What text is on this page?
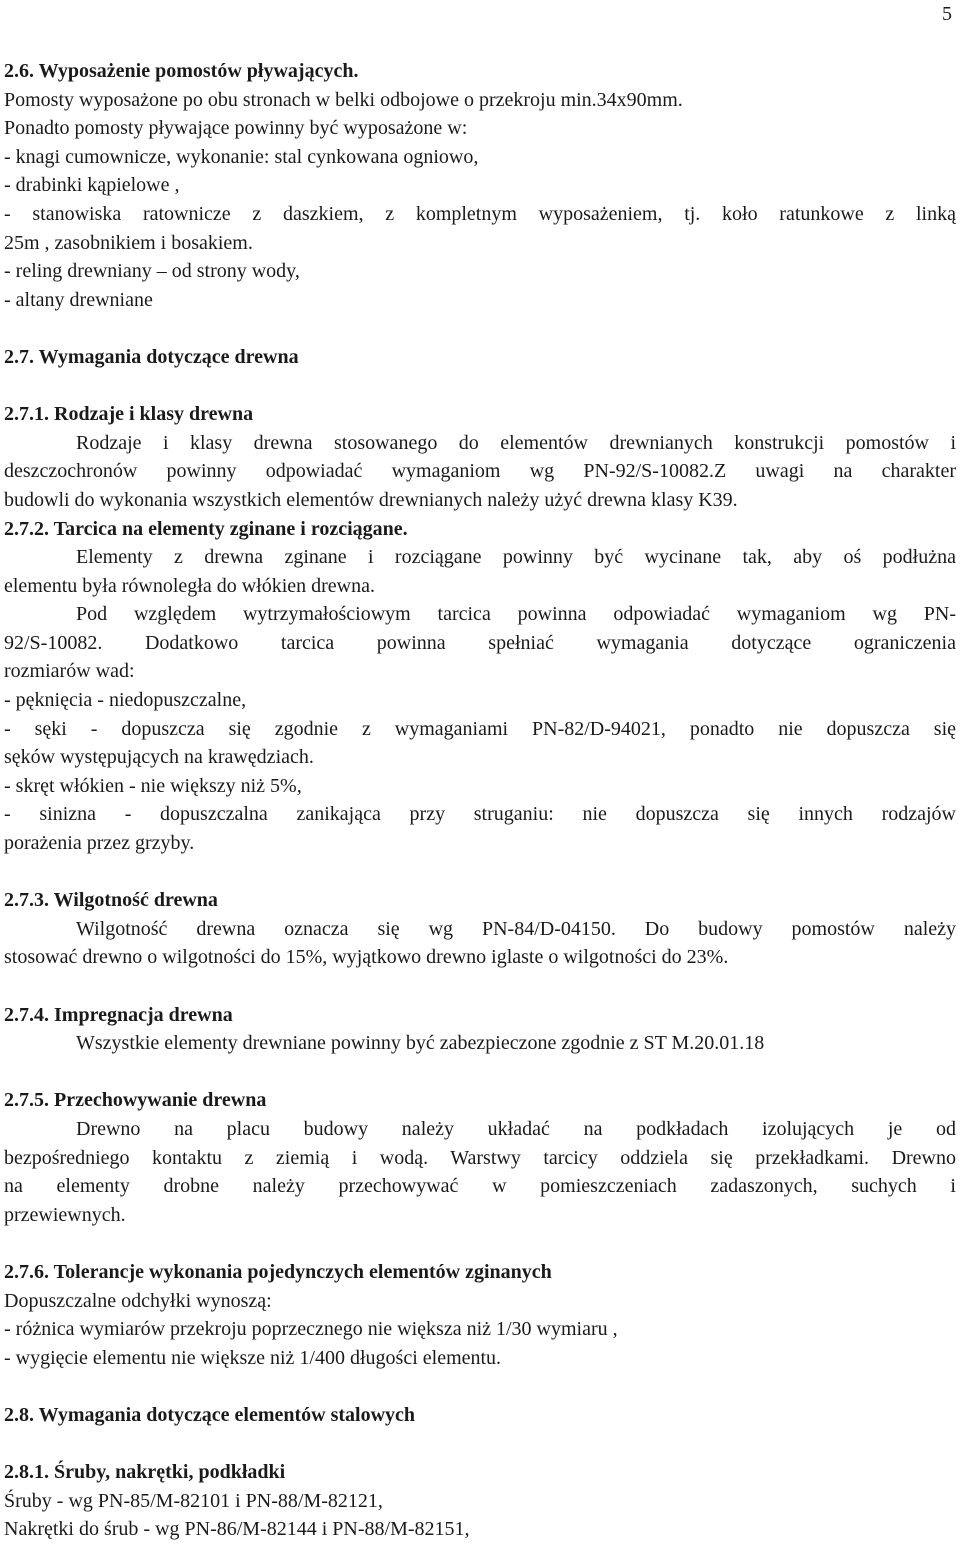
5
2.6. Wyposażenie pomostów pływających.
Pomosty wyposażone po obu stronach w belki odbojowe o przekroju min.34x90mm.
Ponadto pomosty pływające powinny być wyposażone w:
- knagi cumownicze, wykonanie: stal cynkowana ogniowo,
- drabinki kąpielowe ,
- stanowiska ratownicze z daszkiem, z kompletnym wyposażeniem, tj. koło ratunkowe z linką
25m , zasobnikiem i bosakiem.
- reling drewniany – od strony wody,
- altany drewniane
2.7. Wymagania dotyczące drewna
2.7.1. Rodzaje i klasy drewna
Rodzaje i klasy drewna stosowanego do elementów drewnianych konstrukcji pomostów i
deszczochronów powinny odpowiadać wymaganiom wg PN-92/S-10082.Z uwagi na charakter
budowli do wykonania wszystkich elementów drewnianych należy użyć drewna klasy K39.
2.7.2. Tarcica na elementy zginane i rozciągane.
Elementy z drewna zginane i rozciągane powinny być wycinane tak, aby oś podłużna
elementu była równoległa do włókien drewna.
Pod względem wytrzymałościowym tarcica powinna odpowiadać wymaganiom wg PN-
92/S-10082. Dodatkowo tarcica powinna spełniać wymagania dotyczące ograniczenia
rozmiarów wad:
- pęknięcia - niedopuszczalne,
- sęki - dopuszcza się zgodnie z wymaganiami PN-82/D-94021, ponadto nie dopuszcza się
sęków występujących na krawędziach.
- skręt włókien - nie większy niż 5%,
- sinizna - dopuszczalna zanikająca przy struganiu: nie dopuszcza się innych rodzajów
porażenia przez grzyby.
2.7.3. Wilgotność drewna
Wilgotność drewna oznacza się wg PN-84/D-04150. Do budowy pomostów należy
stosować drewno o wilgotności do 15%, wyjątkowo drewno iglaste o wilgotności do 23%.
2.7.4. Impregnacja drewna
Wszystkie elementy drewniane powinny być zabezpieczone zgodnie z ST M.20.01.18
2.7.5. Przechowywanie drewna
Drewno na placu budowy należy układać na podkładach izolujących je od
bezpośredniego kontaktu z ziemią i wodą. Warstwy tarcicy oddziela się przekładkami. Drewno
na elementy drobne należy przechowywać w pomieszczeniach zadaszonych, suchych i
przewiewnych.
2.7.6. Tolerancje wykonania pojedynczych elementów zginanych
Dopuszczalne odchyłki wynoszą:
- różnica wymiarów przekroju poprzecznego nie większa niż 1/30 wymiaru ,
- wygięcie elementu nie większe niż 1/400 długości elementu.
2.8. Wymagania dotyczące elementów stalowych
2.8.1. Śruby, nakrętki, podkładki
Śruby - wg PN-85/M-82101 i PN-88/M-82121,
Nakrętki do śrub - wg PN-86/M-82144 i PN-88/M-82151,
